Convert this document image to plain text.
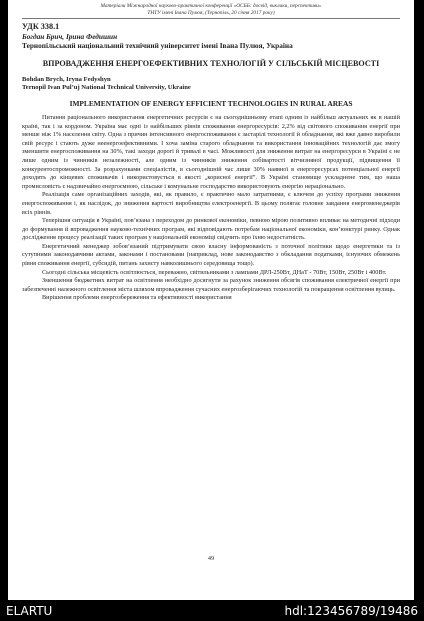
Матеріали Міжнародної науково-практичної конференції «ОСББ: досвід, виклики, перспективи»
ТНТУ імені Івана Пулюя, (Тернопіль, 20 січня 2017 року)
УДК 338.1
Богдан Брич, Ірина Федишин
Тернопільський національний технічний університет імені Івана Пулюя, Україна
ВПРОВАДЖЕННЯ ЕНЕРГОЕФЕКТИВНИХ ТЕХНОЛОГІЙ У СІЛЬСЬКІЙ МІСЦЕВОСТІ
Bohdan Brych, Iryna Fedyshyn
Ternopil Ivan Pul’uj National Technical University, Ukraine
IMPLEMENTATION OF ENERGY EFFICIENT TECHNOLOGIES IN RURAL AREAS

Питання раціонального використання енергетичних ресурсів є на сьогоднішньому етапі одним із найбільш актуальних як в нашій країні, так і за кордоном. Україна має одні із найбільших рівнів споживання енергоресурсів: 2,2% від світового споживання енергії при менше ніж 1% населення світу. Одна з причин інтенсивного енергоспоживання є застарілі технології й обладнання, які вже давно виробили свій ресурс і стають дуже неенергоефективними. І хоча заміна старого обладнання та використання інноваційних технологій дає змогу зменшити енергоспоживання на 30%, такі заходи дорогі й тривалі в часі. Можливості для зниження витрат на енергоресурси в Україні є не лише одним із чинників незалежності, але одним із чинників зниження собівартості вітчизняної продукції, підвищення її конкурентоспроможності. За розрахунками спеціалістів, в сьогоднішній час лише 30% наявної в енергоресурсах потенціальної енергії доходить до кінцевих споживачів і використовується в якості „корисної енергії”. В Україні становище ускладнене тим, що наша промисловість є надзвичайно енергоємною, сільське і комунальне господарство використовують енергію нераціонально.

Реалізація саме організаційних заходів, які, як правило, є практично мало затратними, є ключем до успіху програми зниження енергоспоживання і, як наслідок, до зниження вартості виробництва електроенергії. В цьому полягає головне завдання енергоменеджерів всіх рівнів.

Теперішня ситуація в Україні, пов’язана з переходом до ринкової економіки, певною мірою позитивно впливає на методичні підходи до формування й впровадження науково-технічних програм, які відповідають потребам національної економіки, кон’юнктурі ринку. Однак дослідження процесу реалізації таких програм у національній економіці свідчить про їхню недостатність.

Енергетичний менеджер зобов’язаний підтримувати свою власну інформованість з поточної політики щодо енергетики та із сутупними законодавчими актами, законами і постановами (наприклад, нове законодавство з обкладання податками, існуючих обмежень рівня споживання енергії, субсидій, питань захисту навколишнього середовища тощо).

Сьогодні сільська місцевість освітлюється, переважно, світильниками з лампами ДРЛ-250Вт, ДНаТ - 70Вт, 150Вт, 250Вт і 400Вт.

Зменшення бюджетних витрат на освітлення необхідно досягнути за рахунок зниження обсягів споживання електричної енергії при забезпеченні належного освітлення міста шляхом впровадження сучасних енергозберігаючих технологій та покращення освітлення вулиць.

Вирішення проблеми енергозбереження та ефективності використання

49
ELARTU	hdl:123456789/19486
